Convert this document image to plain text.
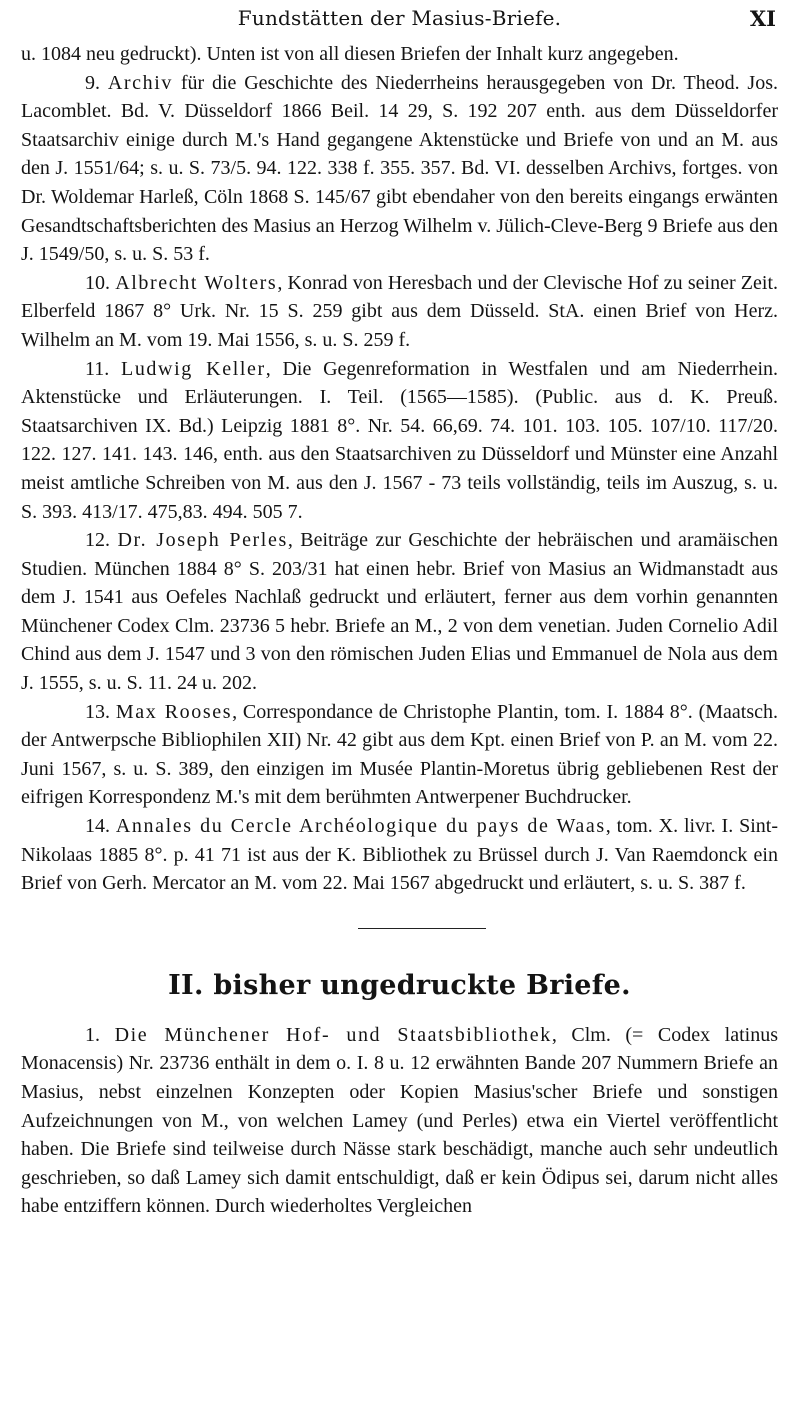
Fundstätten der Masius-Briefe.	XI

u. 1084 neu gedruckt). Unten ist von all diesen Briefen der Inhalt kurz angegeben.

9. Archiv für die Geschichte des Niederrheins herausgegeben von Dr. Theod. Jos. Lacomblet. Bd. V. Düsseldorf 1866 Beil. 14 29, S. 192 207 enth. aus dem Düsseldorfer Staatsarchiv einige durch M.'s Hand gegangene Aktenstücke und Briefe von und an M. aus den J. 1551/64; s. u. S. 73/5. 94. 122. 338 f. 355. 357. Bd. VI. desselben Archivs, fortges. von Dr. Woldemar Harleß, Cöln 1868 S. 145/67 gibt ebendaher von den bereits eingangs erwänten Gesandtschaftsberichten des Masius an Herzog Wilhelm v. Jülich-Cleve-Berg 9 Briefe aus den J. 1549/50, s. u. S. 53 f.

10. Albrecht Wolters, Konrad von Heresbach und der Clevische Hof zu seiner Zeit. Elberfeld 1867 8° Urk. Nr. 15 S. 259 gibt aus dem Düsseld. StA. einen Brief von Herz. Wilhelm an M. vom 19. Mai 1556, s. u. S. 259 f.

11. Ludwig Keller, Die Gegenreformation in Westfalen und am Niederrhein. Aktenstücke und Erläuterungen. I. Teil. (1565—1585). (Public. aus d. K. Preuß. Staatsarchiven IX. Bd.) Leipzig 1881 8°. Nr. 54. 66,69. 74. 101. 103. 105. 107/10. 117/20. 122. 127. 141. 143. 146, enth. aus den Staatsarchiven zu Düsseldorf und Münster eine Anzahl meist amtliche Schreiben von M. aus den J. 1567 - 73 teils vollständig, teils im Auszug, s. u. S. 393. 413/17. 475,83. 494. 505 7.

12. Dr. Joseph Perles, Beiträge zur Geschichte der hebräischen und aramäischen Studien. München 1884 8° S. 203/31 hat einen hebr. Brief von Masius an Widmanstadt aus dem J. 1541 aus Oefeles Nachlaß gedruckt und erläutert, ferner aus dem vorhin genannten Münchener Codex Clm. 23736 5 hebr. Briefe an M., 2 von dem venetian. Juden Cornelio Adil Chind aus dem J. 1547 und 3 von den römischen Juden Elias und Emmanuel de Nola aus dem J. 1555, s. u. S. 11. 24 u. 202.

13. Max Rooses, Correspondance de Christophe Plantin, tom. I. 1884 8°. (Maatsch. der Antwerpsche Bibliophilen XII) Nr. 42 gibt aus dem Kpt. einen Brief von P. an M. vom 22. Juni 1567, s. u. S. 389, den einzigen im Musée Plantin-Moretus übrig gebliebenen Rest der eifrigen Korrespondenz M.'s mit dem berühmten Antwerpener Buchdrucker.

14. Annales du Cercle Archéologique du pays de Waas, tom. X. livr. I. Sint-Nikolaas 1885 8°. p. 41 71 ist aus der K. Bibliothek zu Brüssel durch J. Van Raemdonck ein Brief von Gerh. Mercator an M. vom 22. Mai 1567 abgedruckt und erläutert, s. u. S. 387 f.

II. bisher ungedruckte Briefe.

1. Die Münchener Hof- und Staatsbibliothek, Clm. (= Codex latinus Monacensis) Nr. 23736 enthält in dem o. I. 8 u. 12 erwähnten Bande 207 Nummern Briefe an Masius, nebst einzelnen Konzepten oder Kopien Masius'scher Briefe und sonstigen Aufzeichnungen von M., von welchen Lamey (und Perles) etwa ein Viertel veröffentlicht haben. Die Briefe sind teilweise durch Nässe stark beschädigt, manche auch sehr undeutlich geschrieben, so daß Lamey sich damit entschuldigt, daß er kein Ödipus sei, darum nicht alles habe entziffern können. Durch wiederholtes Vergleichen
